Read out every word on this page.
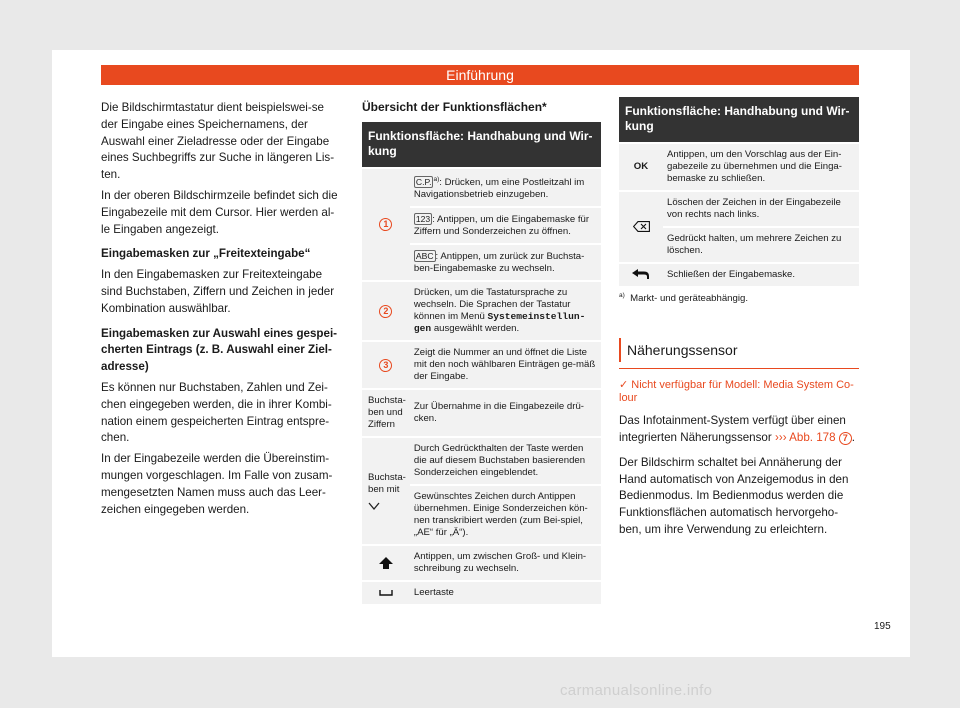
Einführung

Die Bildschirmtastatur dient beispielswei-se der Eingabe eines Speichernamens, der Auswahl einer Zieladresse oder der Eingabe eines Suchbegriffs zur Suche in längeren Lis-ten.

In der oberen Bildschirmzeile befindet sich die Eingabezeile mit dem Cursor. Hier werden al-le Eingaben angezeigt.

Eingabemasken zur „Freitexteingabe“

In den Eingabemasken zur Freitexteingabe sind Buchstaben, Ziffern und Zeichen in jeder Kombination auswählbar.

Eingabemasken zur Auswahl eines gespei-cherten Eintrags (z. B. Auswahl einer Ziel-adresse)

Es können nur Buchstaben, Zahlen und Zei-chen eingegeben werden, die in ihrer Kombi-nation einem gespeicherten Eintrag entspre-chen.

In der Eingabezeile werden die Übereinstim-mungen vorgeschlagen. Im Falle von zusam-mengesetzten Namen muss auch das Leer-zeichen eingegeben werden.

Übersicht der Funktionsflächen*
Funktionsfläche: Handhabung und Wir-kung	
1	C.P. $^{a)}$: Drücken, um eine Postleitzahl im Navigationsbetrieb einzugeben.
	123 : Antippen, um die Eingabemaske für Ziffern und Sonderzeichen zu öffnen.
	ABC : Antippen, um zurück zur Buchsta-ben-Eingabemaske zu wechseln.
2	Drücken, um die Tastatursprache zu wechseln. Die Sprachen der Tastatur können im Menü Systemeinstellun-gen ausgewählt werden.
3	Zeigt die Nummer an und öffnet die Liste mit den noch wählbaren Einträgen ge-mäß der Eingabe.
Buchsta-ben und Ziffern	Zur Übernahme in die Eingabezeile drü-cken.

Buchsta-ben mit	Durch Gedrückthalten der Taste werden die auf diesem Buchstaben basierenden Sonderzeichen eingeblendet.
	Gewünschtes Zeichen durch Antippen übernehmen. Einige Sonderzeichen kön-nen transkribiert werden (zum Bei-spiel, „AE“ für „Ä“).
	Antippen, um zwischen Groß- und Klein-schreibung zu wechseln.
	Leertaste
Funktionsfläche: Handhabung und Wir-kung	
OK	Antippen, um den Vorschlag aus der Ein-gabezeile zu übernehmen und die Einga-bemaske zu schließen.
	Löschen der Zeichen in der Eingabezeile von rechts nach links.
	Gedrückt halten, um mehrere Zeichen zu löschen.
	Schließen der Eingabemaske.
$^{a)}$ Markt- und geräteabhängig.
Näherungssensor
✓ Nicht verfügbar für Modell: Media System Co-lour

Das Infotainment-System verfügt über einen integrierten Näherungssensor ››› Abb. 178 7 .

Der Bildschirm schaltet bei Annäherung der Hand automatisch von Anzeigemodus in den Bedienmodus. Im Bedienmodus werden die Funktionsflächen automatisch hervorgeho-ben, um ihre Verwendung zu erleichtern.

195
carmanualsonline.info
